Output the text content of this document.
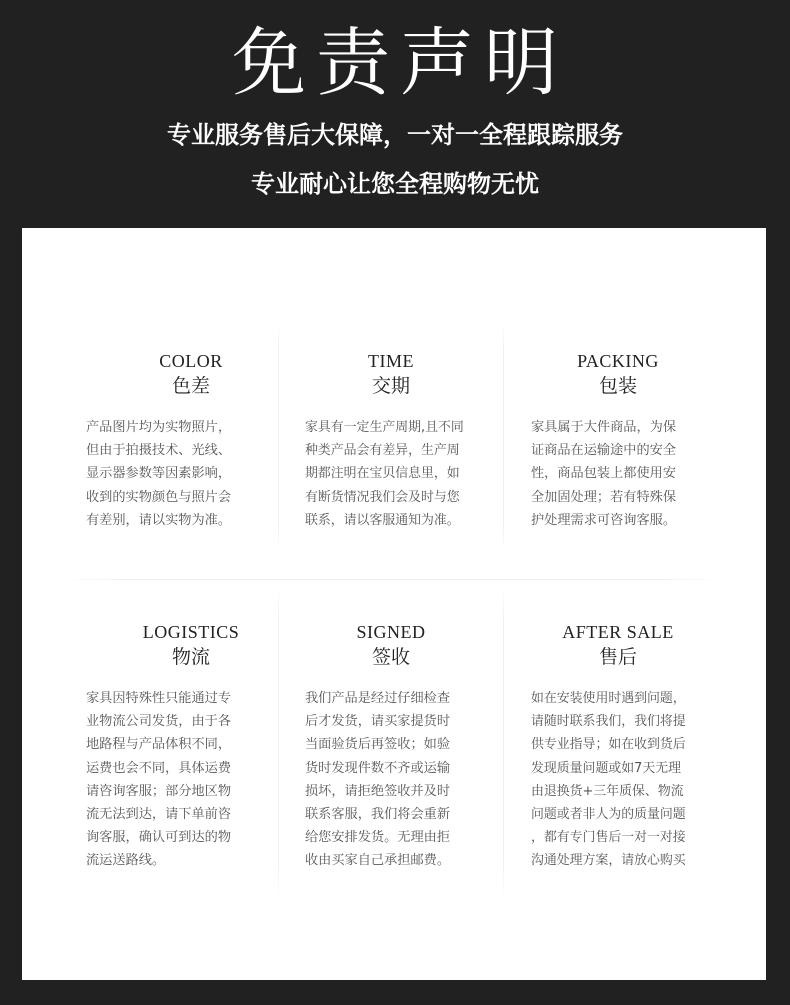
免责声明
专业服务售后大保障，一对一全程跟踪服务
专业耐心让您全程购物无忧
COLOR
色差
产品图片均为实物照片，
但由于拍摄技术、光线、
显示器参数等因素影响，
收到的实物颜色与照片会
有差别，请以实物为准。
TIME
交期
家具有一定生产周期,且不同
种类产品会有差异，生产周
期都注明在宝贝信息里，如
有断货情况我们会及时与您
联系，请以客服通知为准。
PACKING
包装
家具属于大件商品，为保
证商品在运输途中的安全
性，商品包装上都使用安
全加固处理；若有特殊保
护处理需求可咨询客服。
LOGISTICS
物流
家具因特殊性只能通过专
业物流公司发货，由于各
地路程与产品体积不同，
运费也会不同，具体运费
请咨询客服；部分地区物
流无法到达，请下单前咨
询客服，确认可到达的物
流运送路线。
SIGNED
签收
我们产品是经过仔细检查
后才发货，请买家提货时
当面验货后再签收；如验
货时发现件数不齐或运输
损坏，请拒绝签收并及时
联系客服，我们将会重新
给您安排发货。无理由拒
收由买家自己承担邮费。
AFTER SALE
售后
如在安装使用时遇到问题，
请随时联系我们，我们将提
供专业指导；如在收到货后
发现质量问题或如7天无理
由退换货+三年质保、物流
问题或者非人为的质量问题
，都有专门售后一对一对接
沟通处理方案，请放心购买
